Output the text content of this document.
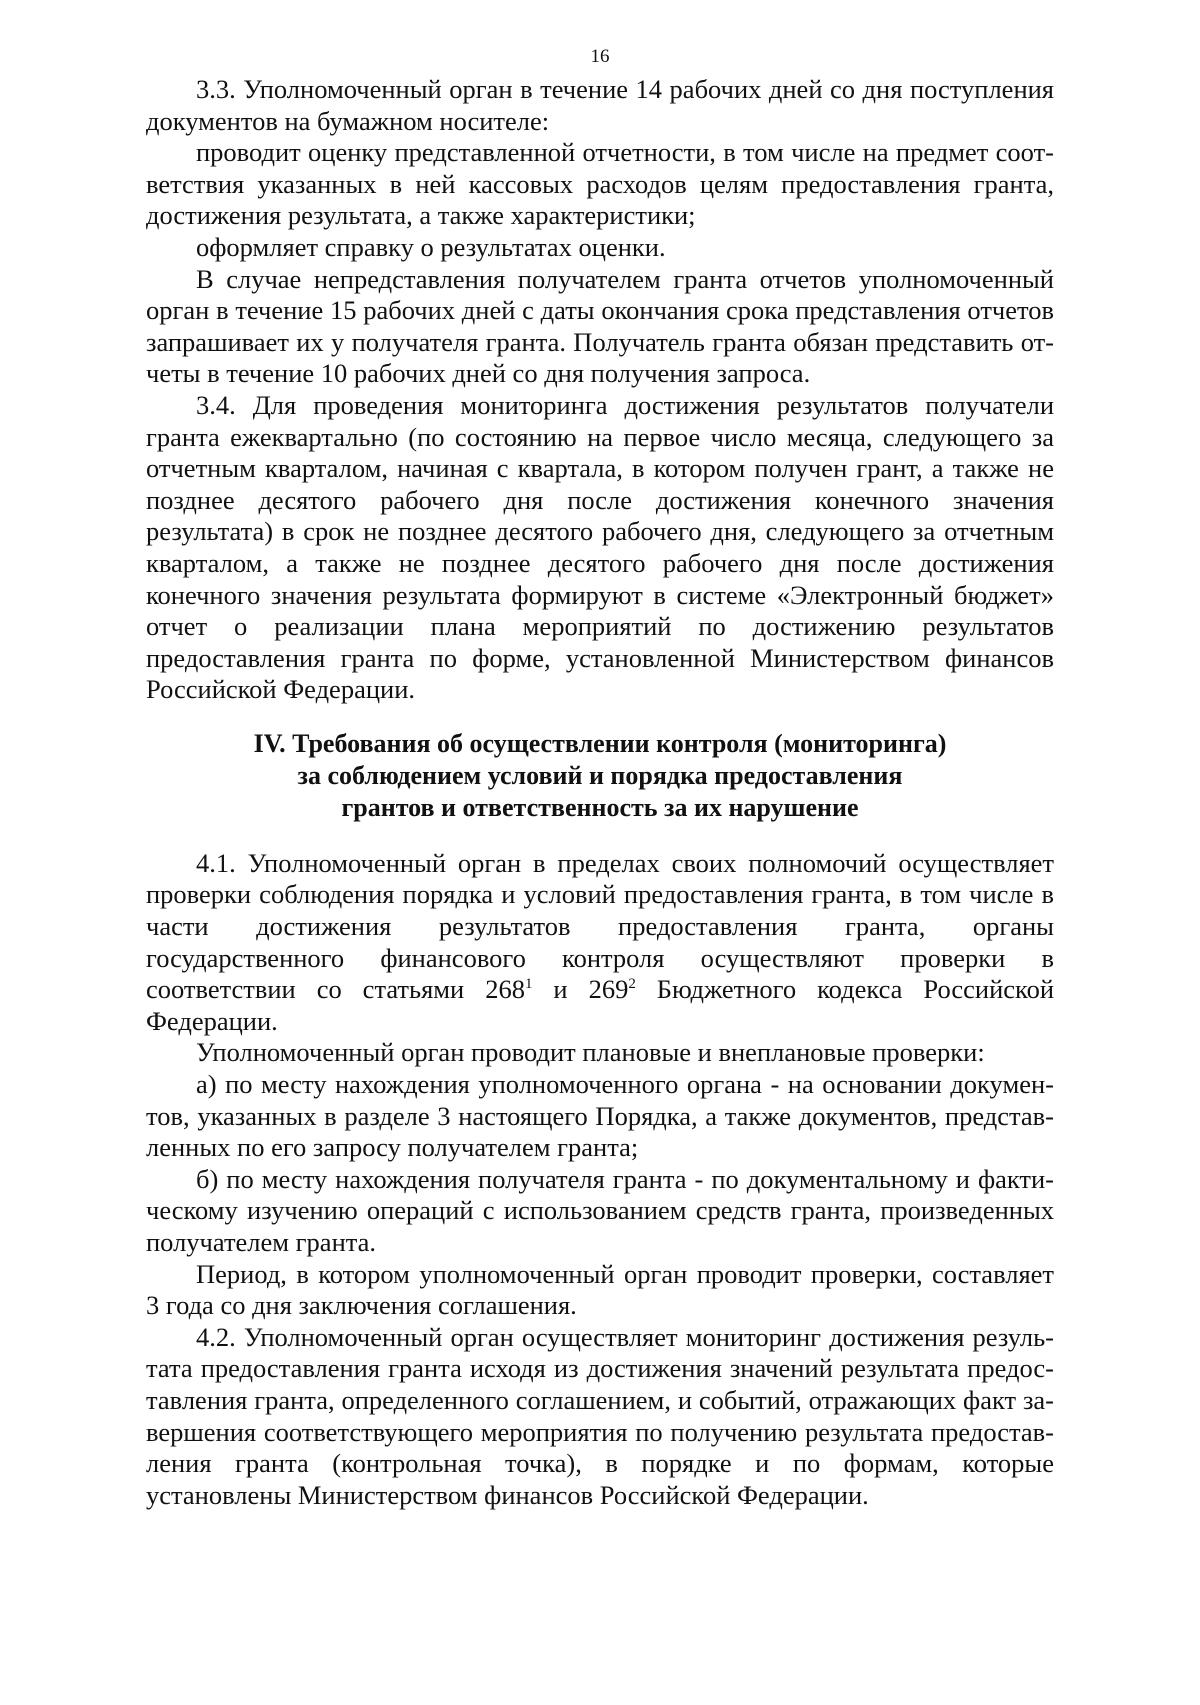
16

3.3. Уполномоченный орган в течение 14 рабочих дней со дня поступления документов на бумажном носителе:

проводит оценку представленной отчетности, в том числе на предмет соответствия указанных в ней кассовых расходов целям предоставления гранта, достижения результата, а также характеристики;

оформляет справку о результатах оценки.

В случае непредставления получателем гранта отчетов уполномоченный орган в течение 15 рабочих дней с даты окончания срока представления отчетов запрашивает их у получателя гранта. Получатель гранта обязан представить отчеты в течение 10 рабочих дней со дня получения запроса.

3.4. Для проведения мониторинга достижения результатов получатели гранта ежеквартально (по состоянию на первое число месяца, следующего за отчетным кварталом, начиная с квартала, в котором получен грант, а также не позднее десятого рабочего дня после достижения конечного значения результата) в срок не позднее десятого рабочего дня, следующего за отчетным кварталом, а также не позднее десятого рабочего дня после достижения конечного значения результата формируют в системе «Электронный бюджет» отчет о реализации плана мероприятий по достижению результатов предоставления гранта по форме, установленной Министерством финансов Российской Федерации.

IV. Требования об осуществлении контроля (мониторинга)
за соблюдением условий и порядка предоставления
грантов и ответственность за их нарушение

4.1. Уполномоченный орган в пределах своих полномочий осуществляет проверки соблюдения порядка и условий предоставления гранта, в том числе в части достижения результатов предоставления гранта, органы государственного финансового контроля осуществляют проверки в соответствии со статьями $268^1$ и $269^2$ Бюджетного кодекса Российской Федерации.

Уполномоченный орган проводит плановые и внеплановые проверки:

а) по месту нахождения уполномоченного органа - на основании документов, указанных в разделе 3 настоящего Порядка, а также документов, представленных по его запросу получателем гранта;

б) по месту нахождения получателя гранта - по документальному и фактическому изучению операций с использованием средств гранта, произведенных получателем гранта.

Период, в котором уполномоченный орган проводит проверки, составляет 3 года со дня заключения соглашения.

4.2. Уполномоченный орган осуществляет мониторинг достижения результата предоставления гранта исходя из достижения значений результата предоставления гранта, определенного соглашением, и событий, отражающих факт завершения соответствующего мероприятия по получению результата предоставления гранта (контрольная точка), в порядке и по формам, которые установлены Министерством финансов Российской Федерации.
